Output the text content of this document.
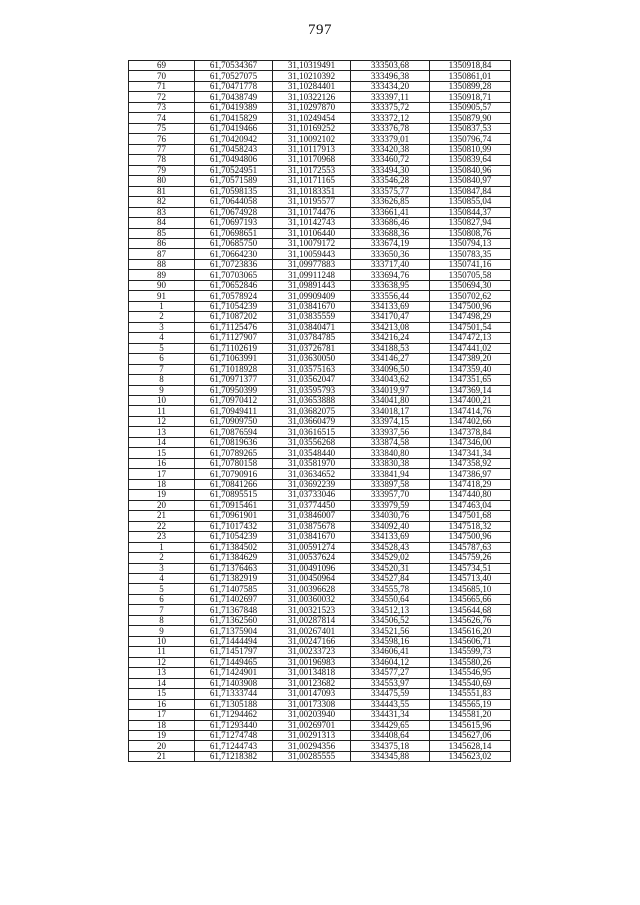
797
69	61,70534367	31,10319491	333503,68	1350918,84
70	61,70527075	31,10210392	333496,38	1350861,01
71	61,70471778	31,10284401	333434,20	1350899,28
72	61,70438749	31,10322126	333397,11	1350918,71
73	61,70419389	31,10297870	333375,72	1350905,57
74	61,70415829	31,10249454	333372,12	1350879,90
75	61,70419466	31,10169252	333376,78	1350837,53
76	61,70420942	31,10092102	333379,01	1350796,74
77	61,70458243	31,10117913	333420,38	1350810,99
78	61,70494806	31,10170968	333460,72	1350839,64
79	61,70524951	31,10172553	333494,30	1350840,96
80	61,70571589	31,10171165	333546,28	1350840,97
81	61,70598135	31,10183351	333575,77	1350847,84
82	61,70644058	31,10195577	333626,85	1350855,04
83	61,70674928	31,10174476	333661,41	1350844,37
84	61,70697193	31,10142743	333686,46	1350827,94
85	61,70698651	31,10106440	333688,36	1350808,76
86	61,70685750	31,10079172	333674,19	1350794,13
87	61,70664230	31,10059443	333650,36	1350783,35
88	61,70723836	31,09977883	333717,40	1350741,16
89	61,70703065	31,09911248	333694,76	1350705,58
90	61,70652846	31,09891443	333638,95	1350694,30
91	61,70578924	31,09909409	333556,44	1350702,62
1	61,71054239	31,03841670	334133,69	1347500,96
2	61,71087202	31,03835559	334170,47	1347498,29
3	61,71125476	31,03840471	334213,08	1347501,54
4	61,71127907	31,03784785	334216,24	1347472,13
5	61,71102619	31,03726781	334188,53	1347441,02
6	61,71063991	31,03630050	334146,27	1347389,20
7	61,71018928	31,03575163	334096,50	1347359,40
8	61,70971377	31,03562047	334043,62	1347351,65
9	61,70950399	31,03595793	334019,97	1347369,14
10	61,70970412	31,03653888	334041,80	1347400,21
11	61,70949411	31,03682075	334018,17	1347414,76
12	61,70909750	31,03660479	333974,15	1347402,66
13	61,70876594	31,03616515	333937,56	1347378,84
14	61,70819636	31,03556268	333874,58	1347346,00
15	61,70789265	31,03548440	333840,80	1347341,34
16	61,70780158	31,03581970	333830,38	1347358,92
17	61,70790916	31,03634652	333841,94	1347386,97
18	61,70841266	31,03692239	333897,58	1347418,29
19	61,70895515	31,03733046	333957,70	1347440,80
20	61,70915461	31,03774450	333979,59	1347463,04
21	61,70961901	31,03846007	334030,76	1347501,68
22	61,71017432	31,03875678	334092,40	1347518,32
23	61,71054239	31,03841670	334133,69	1347500,96
1	61,71384502	31,00591274	334528,43	1345787,63
2	61,71384629	31,00537624	334529,02	1345759,26
3	61,71376463	31,00491096	334520,31	1345734,51
4	61,71382919	31,00450964	334527,84	1345713,40
5	61,71407585	31,00396628	334555,78	1345685,10
6	61,71402697	31,00360032	334550,64	1345665,66
7	61,71367848	31,00321523	334512,13	1345644,68
8	61,71362560	31,00287814	334506,52	1345626,76
9	61,71375904	31,00267401	334521,56	1345616,20
10	61,71444494	31,00247166	334598,16	1345606,71
11	61,71451797	31,00233723	334606,41	1345599,73
12	61,71449465	31,00196983	334604,12	1345580,26
13	61,71424901	31,00134818	334577,27	1345546,95
14	61,71403908	31,00123682	334553,97	1345540,69
15	61,71333744	31,00147093	334475,59	1345551,83
16	61,71305188	31,00173308	334443,55	1345565,19
17	61,71294462	31,00203940	334431,34	1345581,20
18	61,71293440	31,00269701	334429,65	1345615,96
19	61,71274748	31,00291313	334408,64	1345627,06
20	61,71244743	31,00294356	334375,18	1345628,14
21	61,71218382	31,00285555	334345,88	1345623,02
